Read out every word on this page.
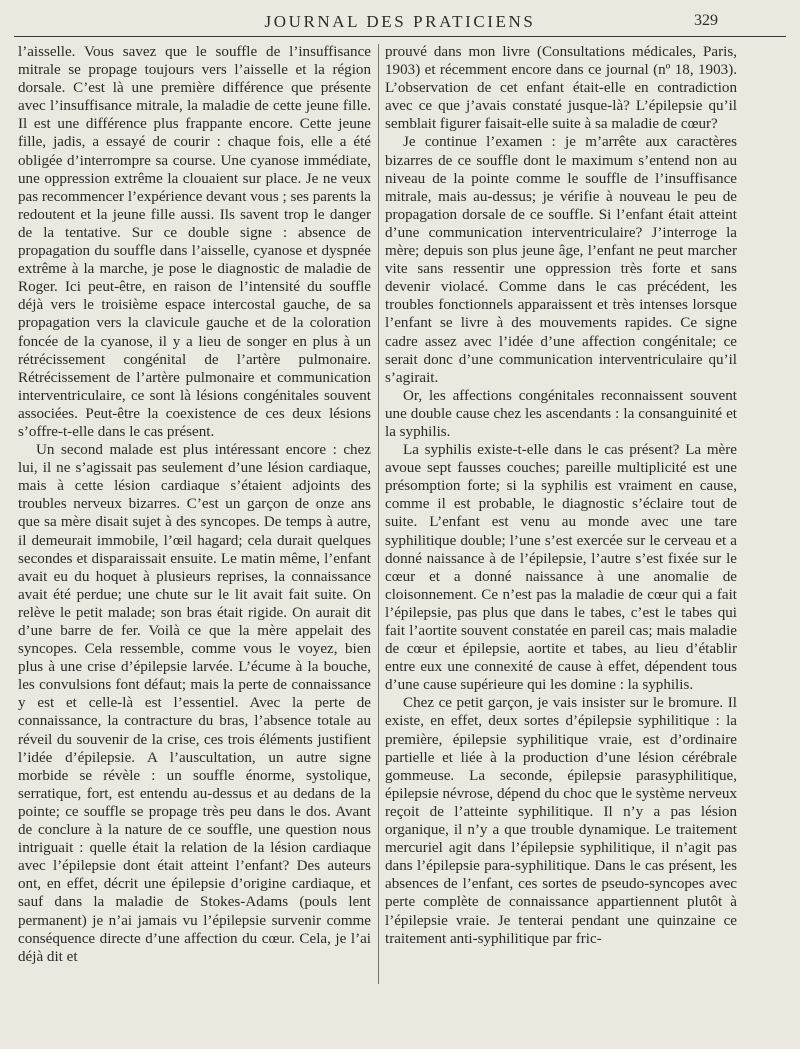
JOURNAL DES PRATICIENS	329

l’aisselle. Vous savez que le souffle de l’insuffisance mitrale se propage toujours vers l’aisselle et la région dorsale. C’est là une première différence que présente avec l’insuffisance mitrale, la maladie de cette jeune fille. Il est une différence plus frappante encore. Cette jeune fille, jadis, a essayé de courir : chaque fois, elle a été obligée d’interrompre sa course. Une cyanose immédiate, une oppression extrême la clouaient sur place. Je ne veux pas recommencer l’expérience devant vous ; ses parents la redoutent et la jeune fille aussi. Ils savent trop le danger de la tentative. Sur ce double signe : absence de propagation du souffle dans l’aisselle, cyanose et dyspnée extrême à la marche, je pose le diagnostic de maladie de Roger. Ici peut-être, en raison de l’intensité du souffle déjà vers le troisième espace intercostal gauche, de sa propagation vers la clavicule gauche et de la coloration foncée de la cyanose, il y a lieu de songer en plus à un rétrécissement congénital de l’artère pulmonaire. Rétrécissement de l’artère pulmonaire et communication interventriculaire, ce sont là lésions congénitales souvent associées. Peut-être la coexistence de ces deux lésions s’offre-t-elle dans le cas présent.

Un second malade est plus intéressant encore : chez lui, il ne s’agissait pas seulement d’une lésion cardiaque, mais à cette lésion cardiaque s’étaient adjoints des troubles nerveux bizarres. C’est un garçon de onze ans que sa mère disait sujet à des syncopes. De temps à autre, il demeurait immobile, l’œil hagard; cela durait quelques secondes et disparaissait ensuite. Le matin même, l’enfant avait eu du hoquet à plusieurs reprises, la connaissance avait été perdue; une chute sur le lit avait fait suite. On relève le petit malade; son bras était rigide. On aurait dit d’une barre de fer. Voilà ce que la mère appelait des syncopes. Cela ressemble, comme vous le voyez, bien plus à une crise d’épilepsie larvée. L’écume à la bouche, les convulsions font défaut; mais la perte de connaissance y est et celle-là est l’essentiel. Avec la perte de connaissance, la contracture du bras, l’absence totale au réveil du souvenir de la crise, ces trois éléments justifient l’idée d’épilepsie. A l’auscultation, un autre signe morbide se révèle : un souffle énorme, systolique, serratique, fort, est entendu au-dessus et au dedans de la pointe; ce souffle se propage très peu dans le dos. Avant de conclure à la nature de ce souffle, une question nous intriguait : quelle était la relation de la lésion cardiaque avec l’épilepsie dont était atteint l’enfant? Des auteurs ont, en effet, décrit une épilepsie d’origine cardiaque, et sauf dans la maladie de Stokes-Adams (pouls lent permanent) je n’ai jamais vu l’épilepsie survenir comme conséquence directe d’une affection du cœur. Cela, je l’ai déjà dit et

prouvé dans mon livre (Consultations médicales, Paris, 1903) et récemment encore dans ce journal (nº 18, 1903). L’observation de cet enfant était-elle en contradiction avec ce que j’avais constaté jusque-là? L’épilepsie qu’il semblait figurer faisait-elle suite à sa maladie de cœur?

Je continue l’examen : je m’arrête aux caractères bizarres de ce souffle dont le maximum s’entend non au niveau de la pointe comme le souffle de l’insuffisance mitrale, mais au-dessus; je vérifie à nouveau le peu de propagation dorsale de ce souffle. Si l’enfant était atteint d’une communication interventriculaire? J’interroge la mère; depuis son plus jeune âge, l’enfant ne peut marcher vite sans ressentir une oppression très forte et sans devenir violacé. Comme dans le cas précédent, les troubles fonctionnels apparaissent et très intenses lorsque l’enfant se livre à des mouvements rapides. Ce signe cadre assez avec l’idée d’une affection congénitale; ce serait donc d’une communication interventriculaire qu’il s’agirait.

Or, les affections congénitales reconnaissent souvent une double cause chez les ascendants : la consanguinité et la syphilis.

La syphilis existe-t-elle dans le cas présent? La mère avoue sept fausses couches; pareille multiplicité est une présomption forte; si la syphilis est vraiment en cause, comme il est probable, le diagnostic s’éclaire tout de suite. L’enfant est venu au monde avec une tare syphilitique double; l’une s’est exercée sur le cerveau et a donné naissance à de l’épilepsie, l’autre s’est fixée sur le cœur et a donné naissance à une anomalie de cloisonnement. Ce n’est pas la maladie de cœur qui a fait l’épilepsie, pas plus que dans le tabes, c’est le tabes qui fait l’aortite souvent constatée en pareil cas; mais maladie de cœur et épilepsie, aortite et tabes, au lieu d’établir entre eux une connexité de cause à effet, dépendent tous d’une cause supérieure qui les domine : la syphilis.

Chez ce petit garçon, je vais insister sur le bromure. Il existe, en effet, deux sortes d’épilepsie syphilitique : la première, épilepsie syphilitique vraie, est d’ordinaire partielle et liée à la production d’une lésion cérébrale gommeuse. La seconde, épilepsie parasyphilitique, épilepsie névrose, dépend du choc que le système nerveux reçoit de l’atteinte syphilitique. Il n’y a pas lésion organique, il n’y a que trouble dynamique. Le traitement mercuriel agit dans l’épilepsie syphilitique, il n’agit pas dans l’épilepsie para-syphilitique. Dans le cas présent, les absences de l’enfant, ces sortes de pseudo-syncopes avec perte complète de connaissance appartiennent plutôt à l’épilepsie vraie. Je tenterai pendant une quinzaine ce traitement anti-syphilitique par fric-
